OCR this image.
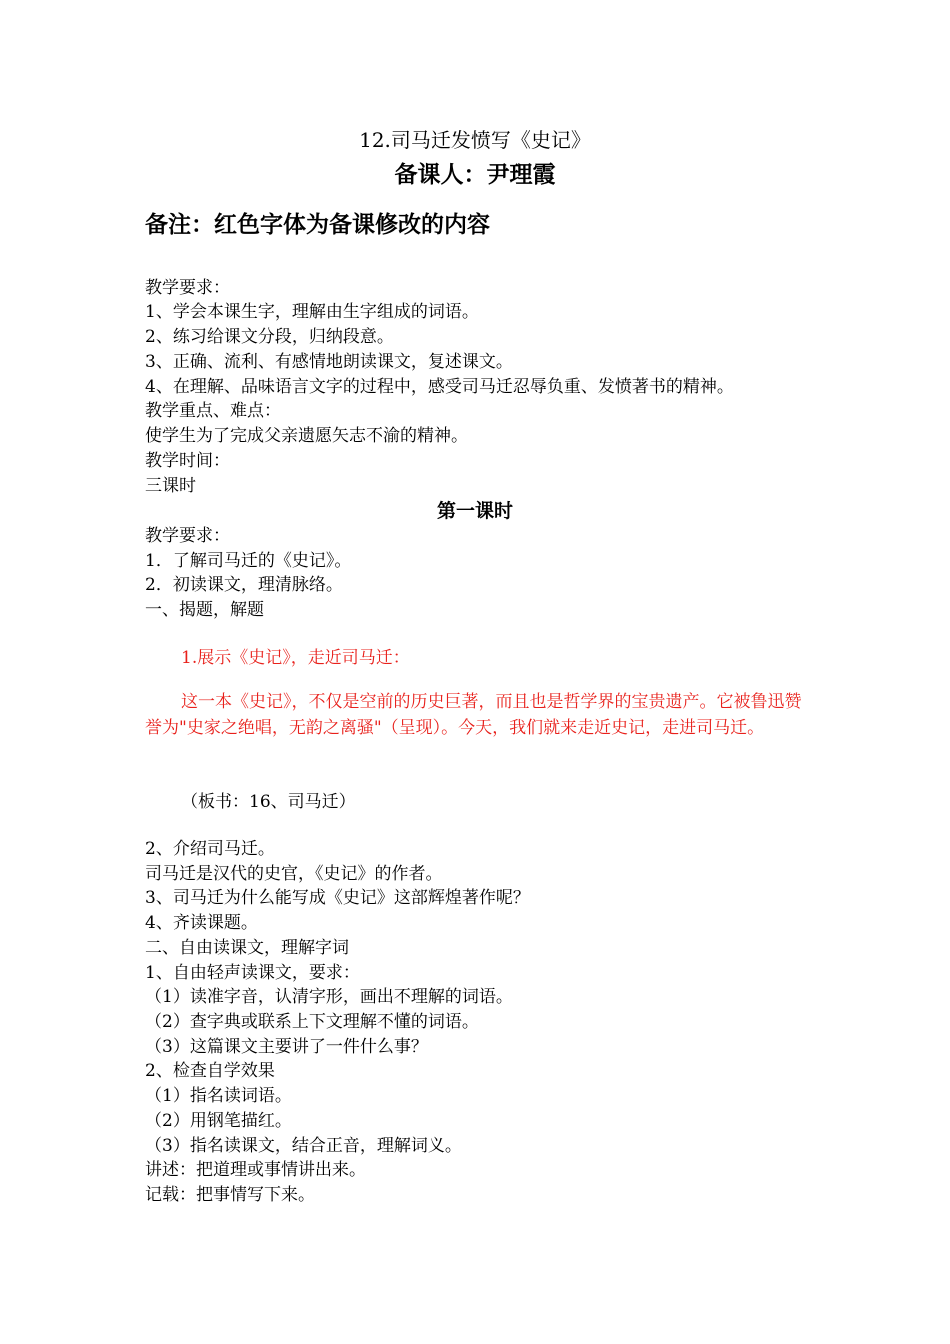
12.司马迁发愤写《史记》
备课人：尹理霞
备注：红色字体为备课修改的内容
教学要求：
1、学会本课生字，理解由生字组成的词语。
2、练习给课文分段，归纳段意。
3、正确、流利、有感情地朗读课文，复述课文。
4、在理解、品味语言文字的过程中，感受司马迁忍辱负重、发愤著书的精神。
教学重点、难点：
使学生为了完成父亲遗愿矢志不渝的精神。
教学时间：
三课时
第一课时
教学要求：
1．了解司马迁的《史记》。
2．初读课文，理清脉络。
一、揭题，解题
1.展示《史记》，走近司马迁：
这一本《史记》，不仅是空前的历史巨著，而且也是哲学界的宝贵遗产。它被鲁迅赞誉为"史家之绝唱，无韵之离骚"（呈现）。今天，我们就来走近史记，走进司马迁。
（板书：16、司马迁）
2、介绍司马迁。
司马迁是汉代的史官，《史记》的作者。
3、司马迁为什么能写成《史记》这部辉煌著作呢？
4、齐读课题。
二、自由读课文，理解字词
1、自由轻声读课文，要求：
（1）读准字音，认清字形，画出不理解的词语。
（2）查字典或联系上下文理解不懂的词语。
（3）这篇课文主要讲了一件什么事？
2、检查自学效果
（1）指名读词语。
（2）用钢笔描红。
（3）指名读课文，结合正音，理解词义。
讲述：把道理或事情讲出来。
记载：把事情写下来。
